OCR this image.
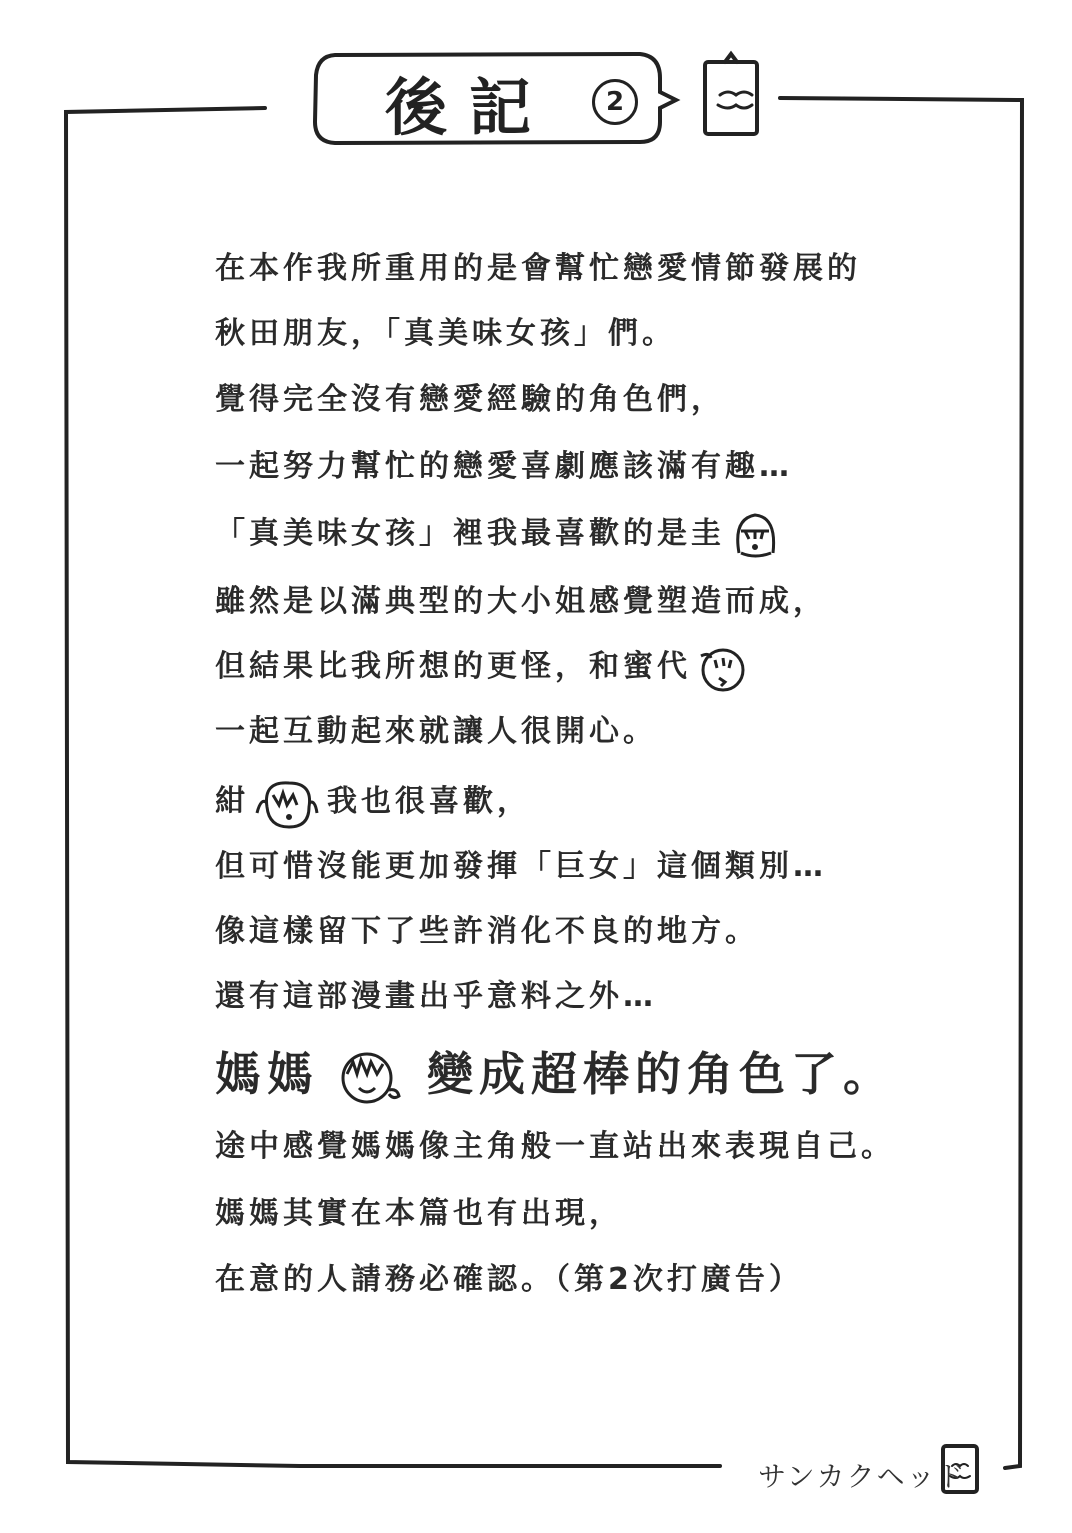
後記	2
在本作我所重用的是會幫忙戀愛情節發展的
秋田朋友，「真美味女孩」們。
覺得完全沒有戀愛經驗的角色們，
一起努力幫忙的戀愛喜劇應該滿有趣…
「真美味女孩」裡我最喜歡的是圭
雖然是以滿典型的大小姐感覺塑造而成，
但結果比我所想的更怪，和蜜代
一起互動起來就讓人很開心。
紺	我也很喜歡，
但可惜沒能更加發揮「巨女」這個類別…
像這樣留下了些許消化不良的地方。
還有這部漫畫出乎意料之外…
媽媽 變成超棒的角色了。
途中感覺媽媽像主角般一直站出來表現自己。
媽媽其實在本篇也有出現，
在意的人請務必確認。（第2次打廣告）
サンカクヘッド
